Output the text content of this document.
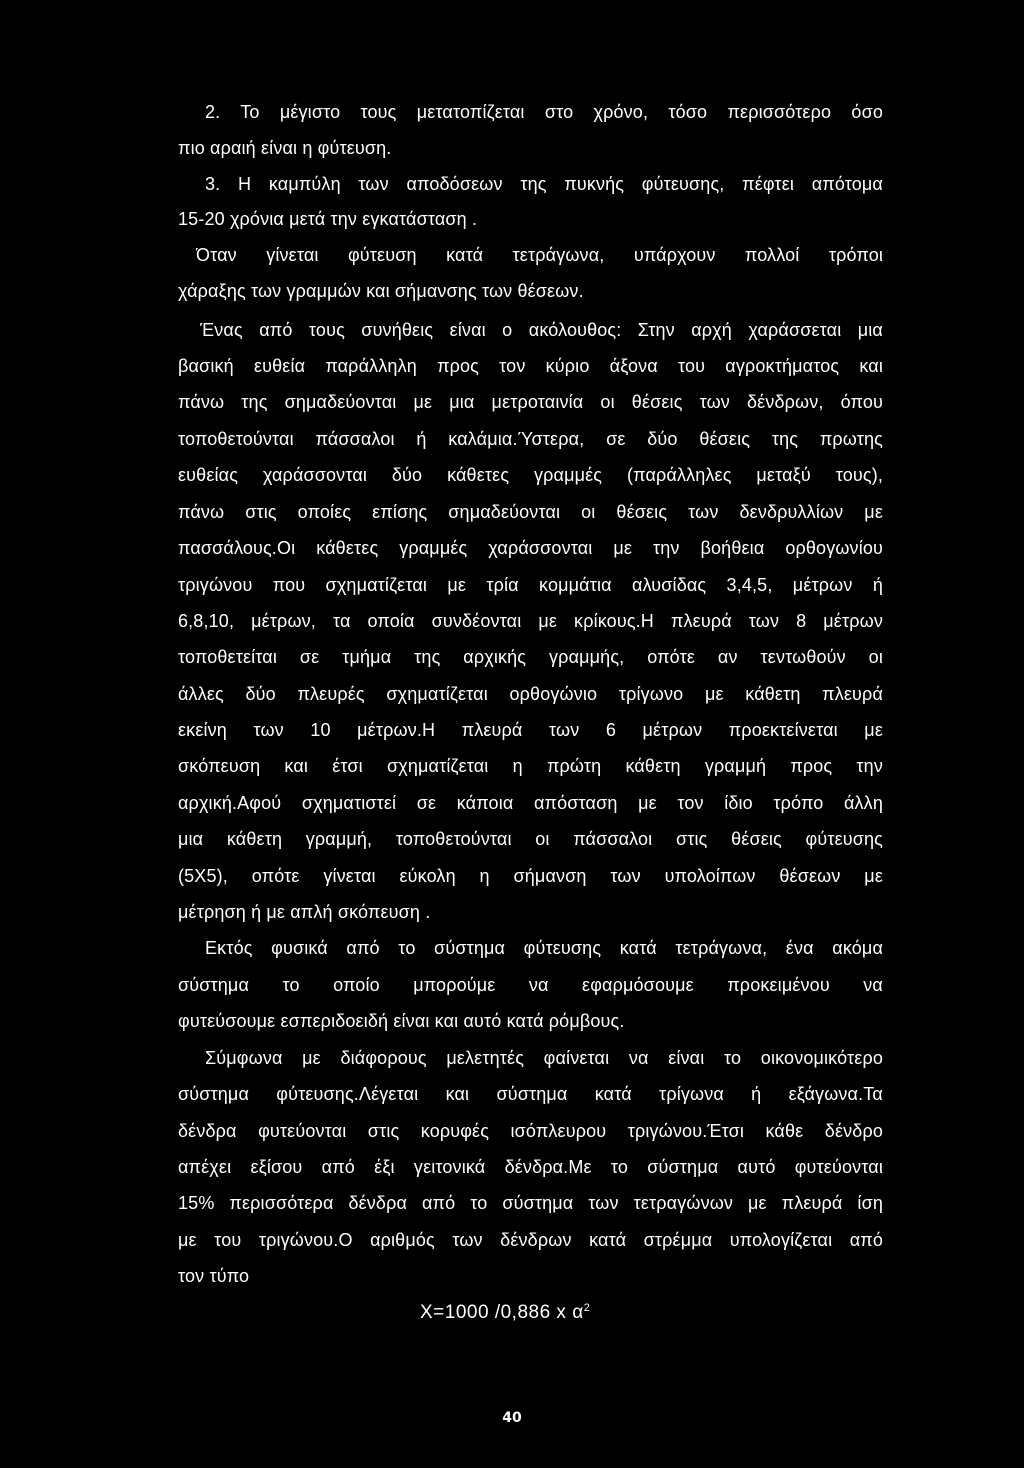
2. Το μέγιστο τους μετατοπίζεται στο χρόνο, τόσο περισσότερο όσο

πιο αραιή είναι η φύτευση.

3. Η καμπύλη των αποδόσεων της πυκνής φύτευσης, πέφτει απότομα

15-20 χρόνια μετά την εγκατάσταση .

Όταν γίνεται φύτευση κατά τετράγωνα, υπάρχουν πολλοί τρόποι

χάραξης των γραμμών και σήμανσης των θέσεων.

Ένας από τους συνήθεις είναι ο ακόλουθος: Στην αρχή χαράσσεται μια

βασική ευθεία παράλληλη προς τον κύριο άξονα του αγροκτήματος και

πάνω της σημαδεύονται με μια μετροταινία οι θέσεις των δένδρων, όπου

τοποθετούνται πάσσαλοι ή καλάμια.Ύστερα, σε δύο θέσεις της πρωτης

ευθείας χαράσσονται δύο κάθετες γραμμές (παράλληλες μεταξύ τους),

πάνω στις οποίες επίσης σημαδεύονται οι θέσεις των δενδρυλλίων με

πασσάλους.Οι κάθετες γραμμές χαράσσονται με την βοήθεια ορθογωνίου

τριγώνου που σχηματίζεται με τρία κομμάτια αλυσίδας 3,4,5, μέτρων ή

6,8,10, μέτρων, τα οποία συνδέονται με κρίκους.Η πλευρά των 8 μέτρων

τοποθετείται σε τμήμα της αρχικής γραμμής, οπότε αν τεντωθούν οι

άλλες δύο πλευρές σχηματίζεται ορθογώνιο τρίγωνο με κάθετη πλευρά

εκείνη των 10 μέτρων.Η πλευρά των 6 μέτρων προεκτείνεται με

σκόπευση και έτσι σχηματίζεται η πρώτη κάθετη γραμμή προς την

αρχική.Αφού σχηματιστεί σε κάποια απόσταση με τον ίδιο τρόπο άλλη

μια κάθετη γραμμή, τοποθετούνται οι πάσσαλοι στις θέσεις φύτευσης

(5Χ5), οπότε γίνεται εύκολη η σήμανση των υπολοίπων θέσεων με

μέτρηση ή με απλή σκόπευση .

Εκτός φυσικά από το σύστημα φύτευσης κατά τετράγωνα, ένα ακόμα

σύστημα το οποίο μπορούμε να εφαρμόσουμε προκειμένου να

φυτεύσουμε εσπεριδοειδή είναι και αυτό κατά ρόμβους.

Σύμφωνα με διάφορους μελετητές φαίνεται να είναι το οικονομικότερο

σύστημα φύτευσης.Λέγεται και σύστημα κατά τρίγωνα ή εξάγωνα.Τα

δένδρα φυτεύονται στις κορυφές ισόπλευρου τριγώνου.Έτσι κάθε δένδρο

απέχει εξίσου από έξι γειτονικά δένδρα.Με το σύστημα αυτό φυτεύονται

15% περισσότερα δένδρα από το σύστημα των τετραγώνων με πλευρά ίση

με του τριγώνου.Ο αριθμός των δένδρων κατά στρέμμα υπολογίζεται από

τον τύπο

Χ=1000 /0,886 x $\alpha^2$
40
